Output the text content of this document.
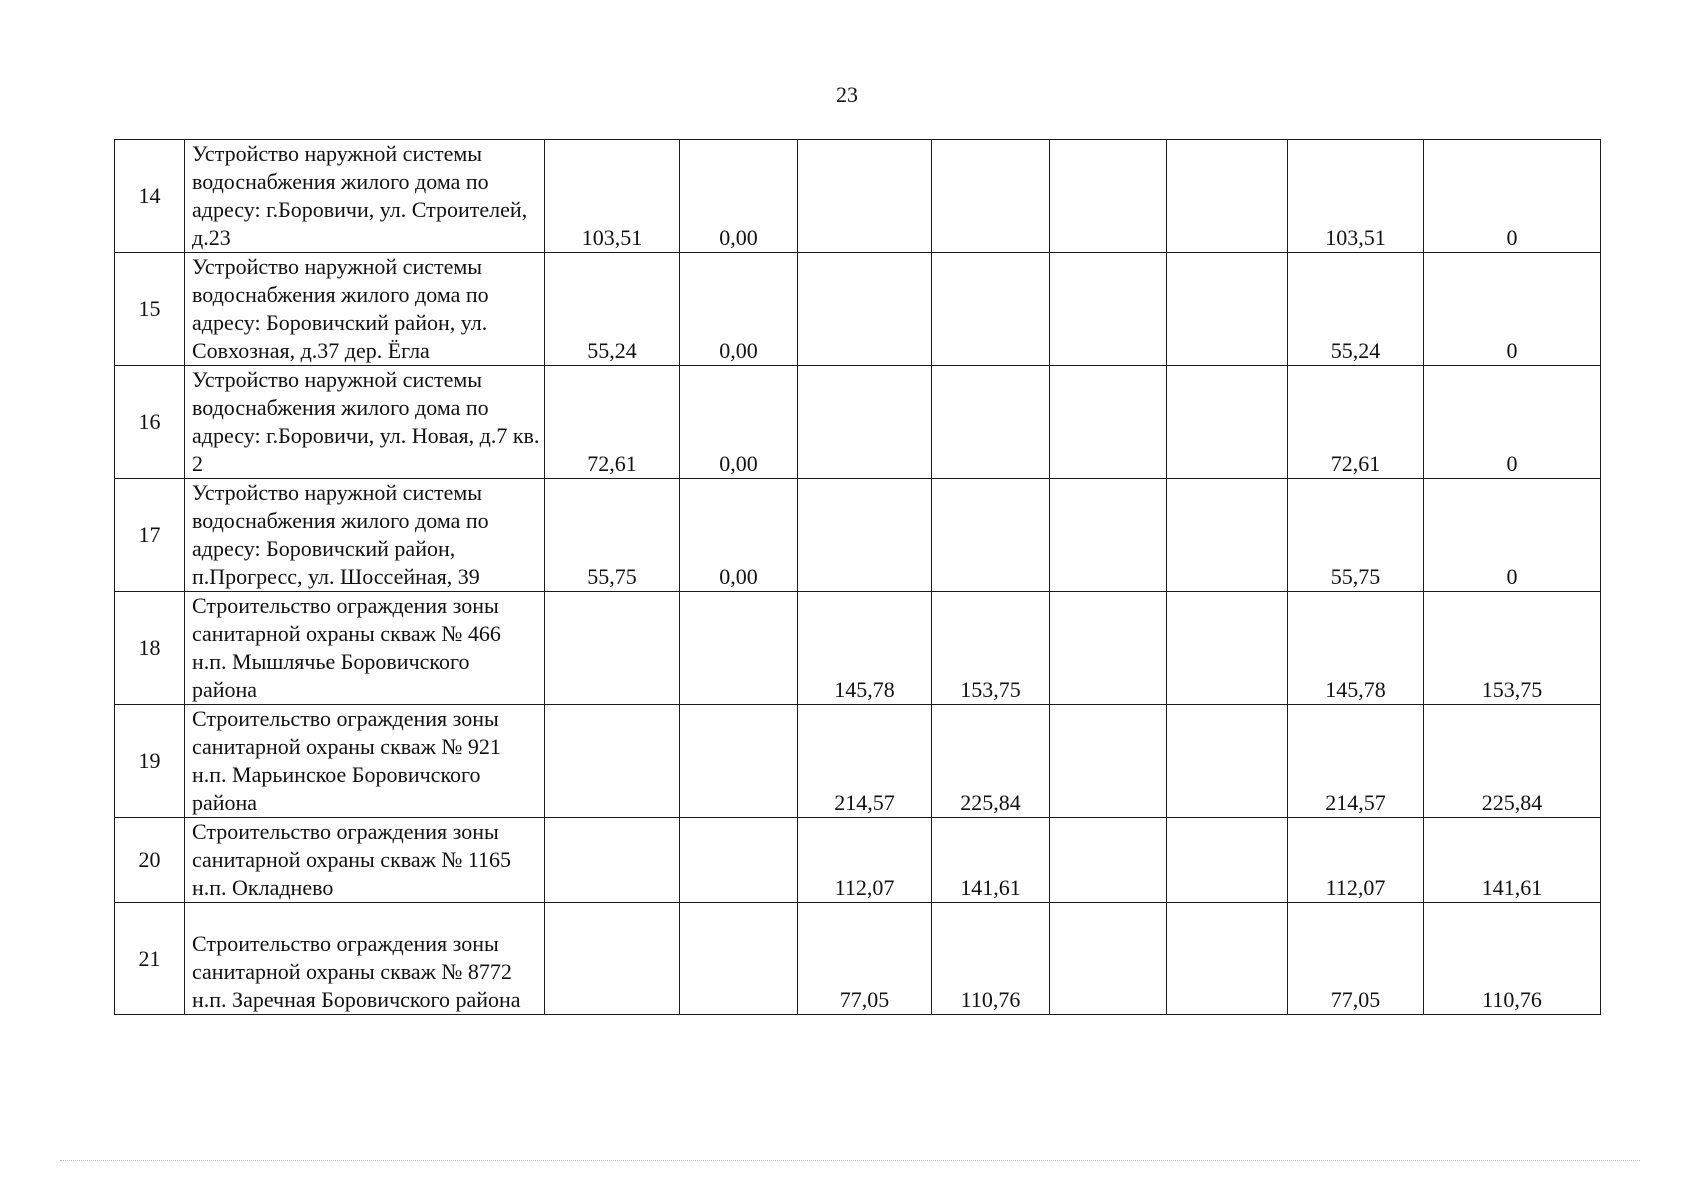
23
14	Устройство наружной системы водоснабжения жилого дома по адресу: г.Боровичи, ул. Строителей, д.23	103,51	0,00					103,51	0
15	Устройство наружной системы водоснабжения жилого дома по адресу: Боровичский район, ул. Совхозная, д.37 дер. Ёгла	55,24	0,00					55,24	0
16	Устройство наружной системы водоснабжения жилого дома по адресу: г.Боровичи, ул. Новая, д.7 кв. 2	72,61	0,00					72,61	0
17	Устройство наружной системы водоснабжения жилого дома по адресу: Боровичский район, п.Прогресс, ул. Шоссейная, 39	55,75	0,00					55,75	0
18	Строительство ограждения зоны санитарной охраны скваж № 466 н.п. Мышлячье Боровичского района			145,78	153,75			145,78	153,75
19	Строительство ограждения зоны санитарной охраны скваж № 921 н.п. Марьинское Боровичского района			214,57	225,84			214,57	225,84
20	Строительство ограждения зоны санитарной охраны скваж № 1165 н.п. Окладнево			112,07	141,61			112,07	141,61
21	Строительство ограждения зоны санитарной охраны скваж № 8772 н.п. Заречная Боровичского района			77,05	110,76			77,05	110,76
